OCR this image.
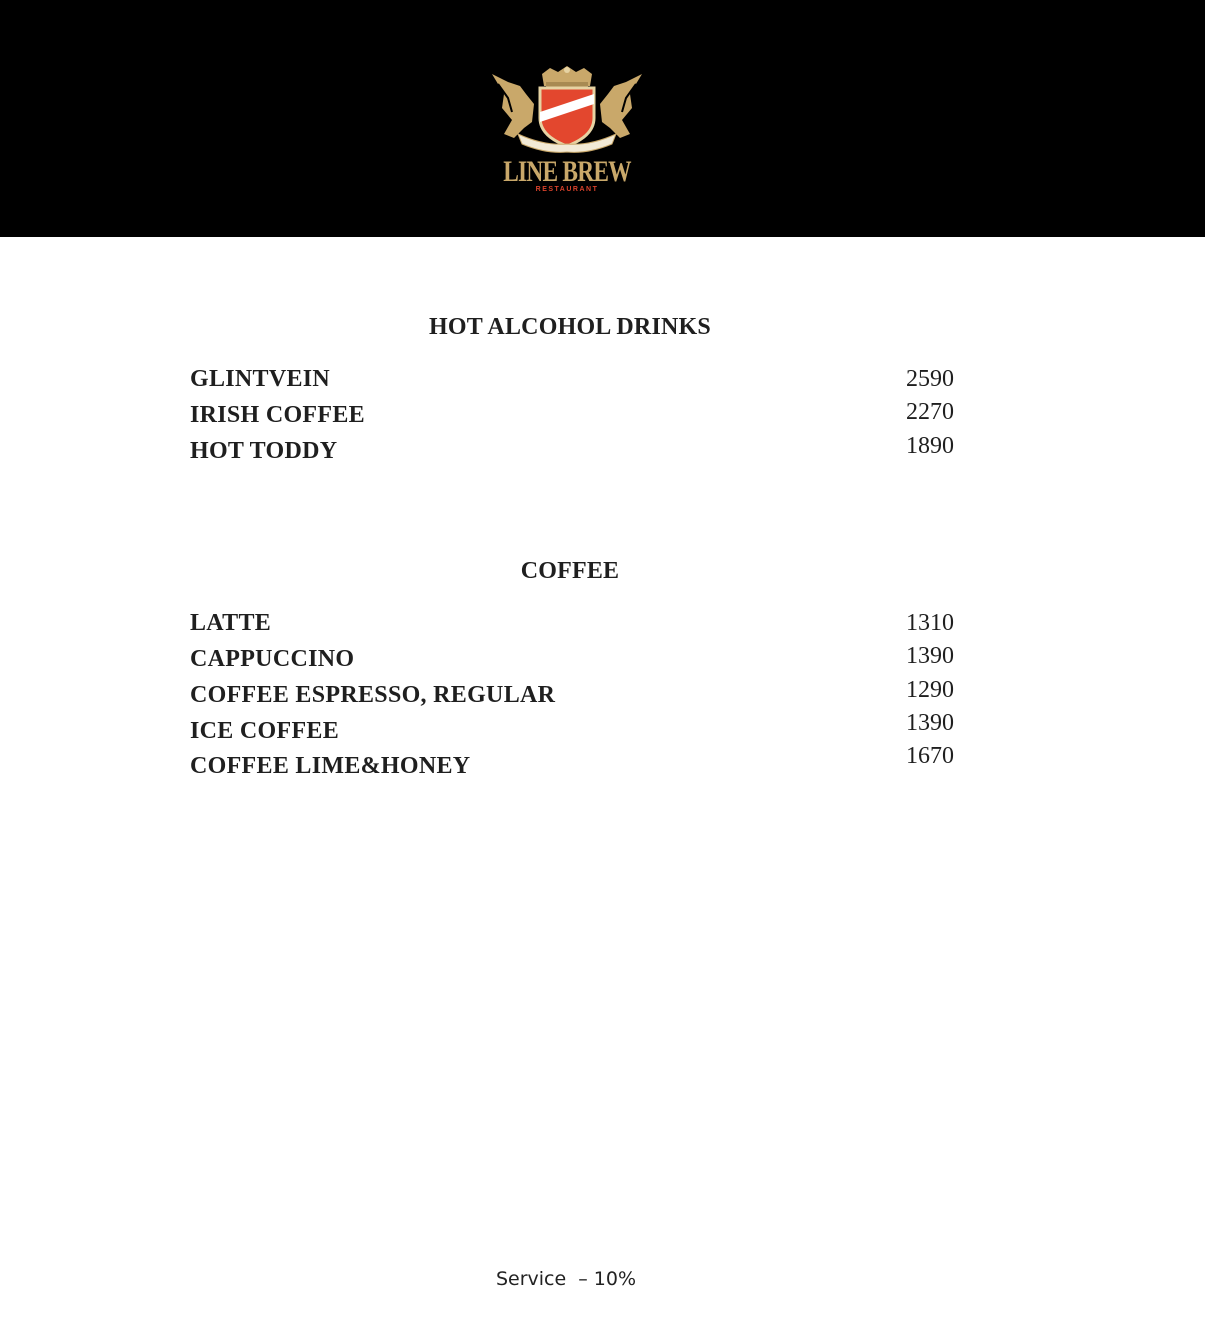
LINE BREW
RESTAURANT
HOT ALCOHOL DRINKS
GLINTVEIN	2590
IRISH COFFEE	2270
HOT TODDY	1890
COFFEE
LATTE	1310
CAPPUCCINO	1390
COFFEE ESPRESSO, REGULAR	1290
ICE COFFEE	1390
COFFEE LIME&HONEY	1670
Service  – 10%
